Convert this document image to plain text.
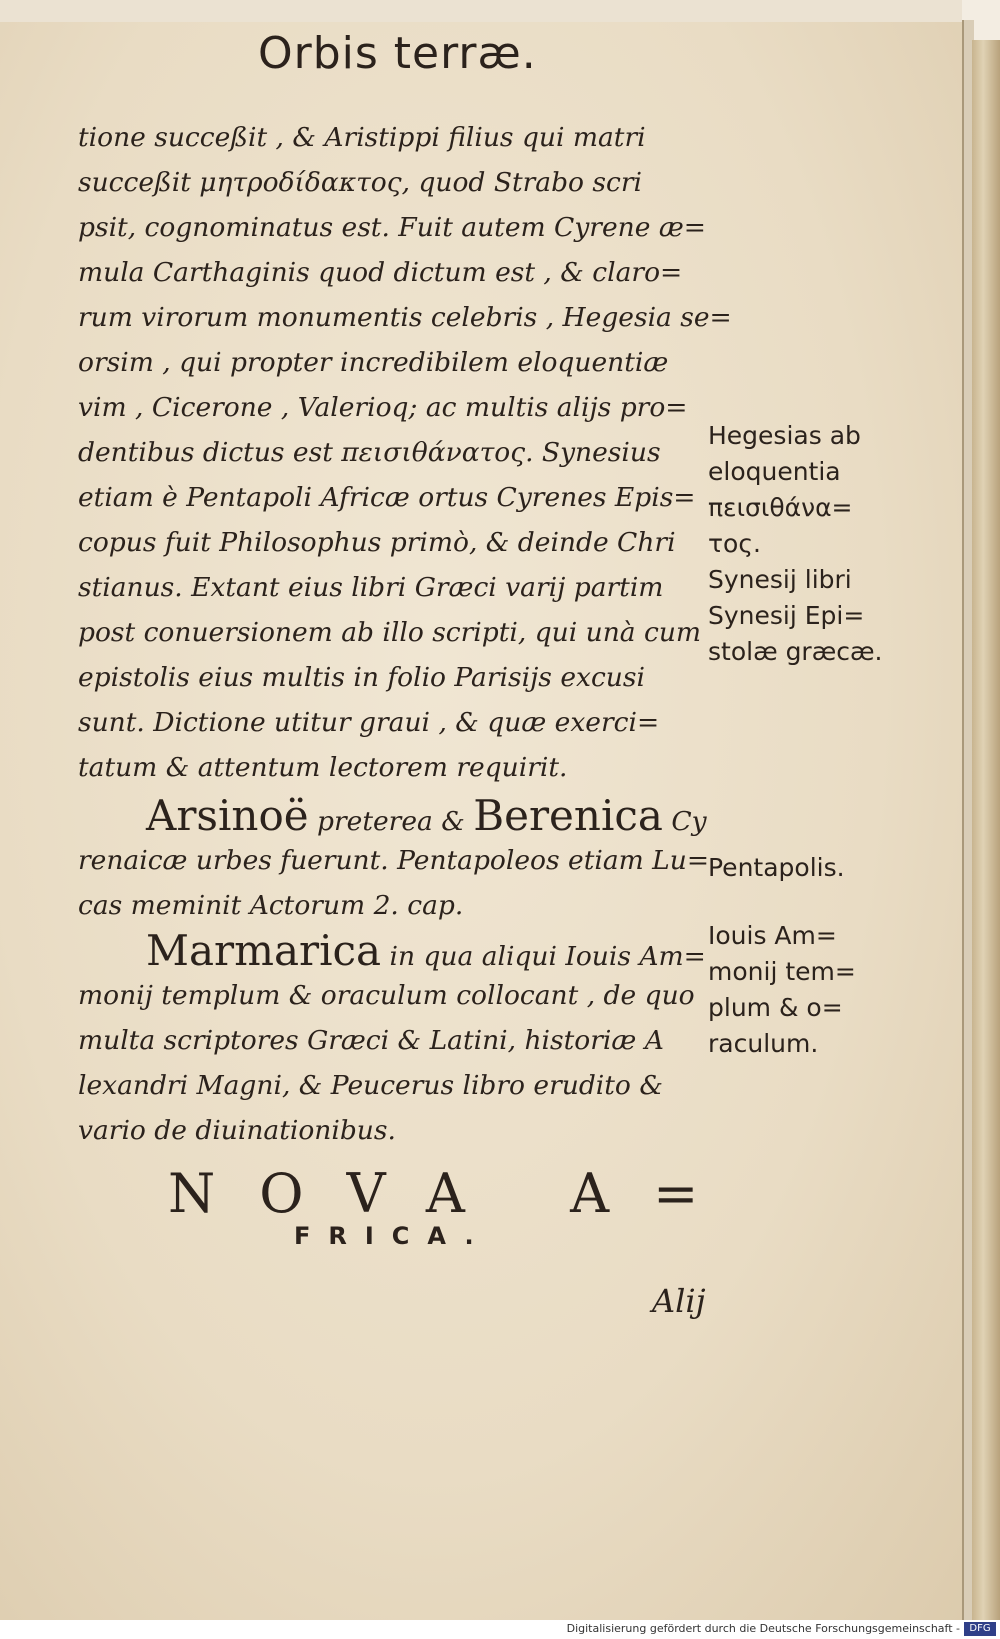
Orbis terræ.
tione succeßit , & Aristippi filius qui matri
succeßit μητροδίδακτος, quod Strabo scri
psit, cognominatus est. Fuit autem Cyrene æ=
mula Carthaginis quod dictum est , & claro=
rum virorum monumentis celebris , Hegesia se=
orsim , qui propter incredibilem eloquentiæ
vim , Cicerone , Valerioq; ac multis alijs pro=
dentibus dictus est πεισιθάνατος. Synesius
etiam è Pentapoli Africæ ortus Cyrenes Epis=
copus fuit Philosophus primò, & deinde Chri
stianus. Extant eius libri Græci varij partim
post conuersionem ab illo scripti, qui unà cum
epistolis eius multis in folio Parisijs excusi
sunt. Dictione utitur graui , & quæ exerci=
tatum & attentum lectorem requirit.
Arsinoë preterea & Berenica Cy
renaicæ urbes fuerunt. Pentapoleos etiam Lu=
cas meminit Actorum 2. cap.
Marmarica in qua aliqui Iouis Am=
monij templum & oraculum collocant , de quo
multa scriptores Græci & Latini, historiæ A
lexandri Magni, & Peucerus libro erudito &
vario de diuinationibus.
Hegesias ab
eloquentia
πεισιθάνα=
τος.
Synesij libri
Synesij Epi=
stolæ græcæ.
Pentapolis.
Iouis Am=
monij tem=
plum & o=
raculum.
NOVA A=
FRICA.
Alij
Digitalisierung gefördert durch die Deutsche Forschungsgemeinschaft - DFG
